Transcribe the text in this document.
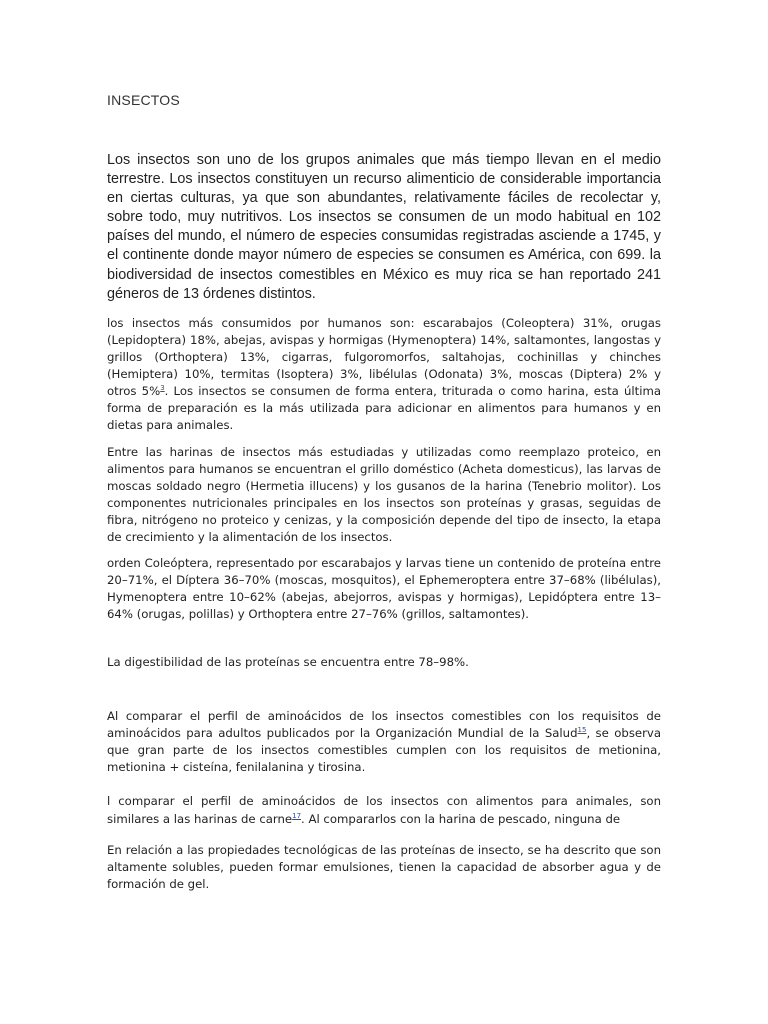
INSECTOS
Los insectos son uno de los grupos animales que más tiempo llevan en el medio terrestre. Los insectos constituyen un recurso alimenticio de considerable importancia en ciertas culturas, ya que son abundantes, relativamente fáciles de recolectar y, sobre todo, muy nutritivos. Los insectos se consumen de un modo habitual en 102 países del mundo, el número de especies consumidas registradas asciende a 1745, y el continente donde mayor número de especies se consumen es América, con 699. la biodiversidad de insectos comestibles en México es muy rica se han reportado 241 géneros de 13 órdenes distintos.
los insectos más consumidos por humanos son: escarabajos (Coleoptera) 31%, orugas (Lepidoptera) 18%, abejas, avispas y hormigas (Hymenoptera) 14%, saltamontes, langostas y grillos (Orthoptera) 13%, cigarras, fulgoromorfos, saltahojas, cochinillas y chinches (Hemiptera) 10%, termitas (Isoptera) 3%, libélulas (Odonata) 3%, moscas (Diptera) 2% y otros 5%$^3$. Los insectos se consumen de forma entera, triturada o como harina, esta última forma de preparación es la más utilizada para adicionar en alimentos para humanos y en dietas para animales.
Entre las harinas de insectos más estudiadas y utilizadas como reemplazo proteico, en alimentos para humanos se encuentran el grillo doméstico (Acheta domesticus), las larvas de moscas soldado negro (Hermetia illucens) y los gusanos de la harina (Tenebrio molitor). Los componentes nutricionales principales en los insectos son proteínas y grasas, seguidas de fibra, nitrógeno no proteico y cenizas, y la composición depende del tipo de insecto, la etapa de crecimiento y la alimentación de los insectos.
orden Coleóptera, representado por escarabajos y larvas tiene un contenido de proteína entre 20–71%, el Díptera 36–70% (moscas, mosquitos), el Ephemeroptera entre 37–68% (libélulas), Hymenoptera entre 10–62% (abejas, abejorros, avispas y hormigas), Lepidóptera entre 13–64% (orugas, polillas) y Orthoptera entre 27–76% (grillos, saltamontes).
La digestibilidad de las proteínas se encuentra entre 78–98%.
Al comparar el perfil de aminoácidos de los insectos comestibles con los requisitos de aminoácidos para adultos publicados por la Organización Mundial de la Salud$^{15}$, se observa que gran parte de los insectos comestibles cumplen con los requisitos de metionina, metionina + cisteína, fenilalanina y tirosina.
l comparar el perfil de aminoácidos de los insectos con alimentos para animales, son similares a las harinas de carne$^{17}$. Al compararlos con la harina de pescado, ninguna de
En relación a las propiedades tecnológicas de las proteínas de insecto, se ha descrito que son altamente solubles, pueden formar emulsiones, tienen la capacidad de absorber agua y de formación de gel.
